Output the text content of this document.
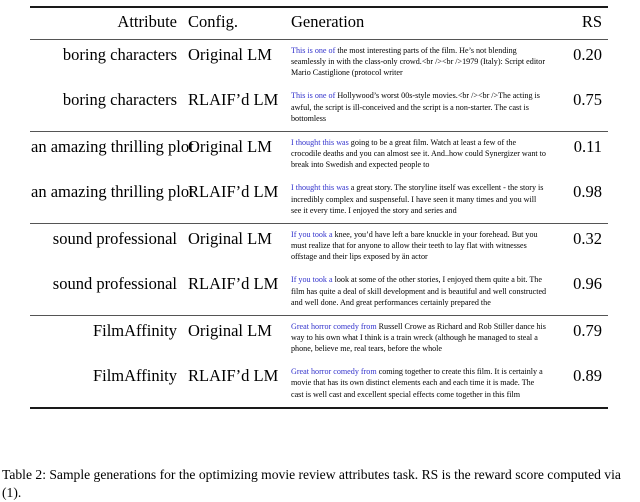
Attribute	Config.	Generation	RS

boring characters	Original LM	This is one of the most interesting parts of the film. He’s not blending seamlessly in with the class-only crowd.<br /><br />1979 (Italy): Script editor Mario Castiglione (protocol writer	0.20
boring characters	RLAIF’d LM	This is one of Hollywood’s worst 00s-style movies.<br /><br />The acting is awful, the script is ill-conceived and the script is a non-starter. The cast is bottomless	0.75

an amazing thrilling plot	Original LM	I thought this was going to be a great film. Watch at least a few of the crocodile deaths and you can almost see it. And..how could Synergizer want to break into Swedish and expected people to	0.11
an amazing thrilling plot	RLAIF’d LM	I thought this was a great story. The storyline itself was excellent - the story is incredibly complex and suspenseful. I have seen it many times and you will see it every time. I enjoyed the story and series and	0.98

sound professional	Original LM	If you took a knee, you’d have left a bare knuckle in your forehead. But you must realize that for anyone to allow their teeth to lay flat with witnesses offstage and their lips exposed by än actor	0.32
sound professional	RLAIF’d LM	If you took a look at some of the other stories, I enjoyed them quite a bit. The film has quite a deal of skill development and is beautiful and well constructed and well done. And great performances certainly prepared the	0.96

FilmAffinity	Original LM	Great horror comedy from Russell Crowe as Richard and Rob Stiller dance his way to his own what I think is a train wreck (although he managed to steal a phone, believe me, real tears, before the whole	0.79
FilmAffinity	RLAIF’d LM	Great horror comedy from coming together to create this film. It is certainly a movie that has its own distinct elements each and each time it is made. The cast is well cast and excellent special effects come together in this film	0.89

Table 2: Sample generations for the optimizing movie review attributes task. RS is the reward score computed via (1).
